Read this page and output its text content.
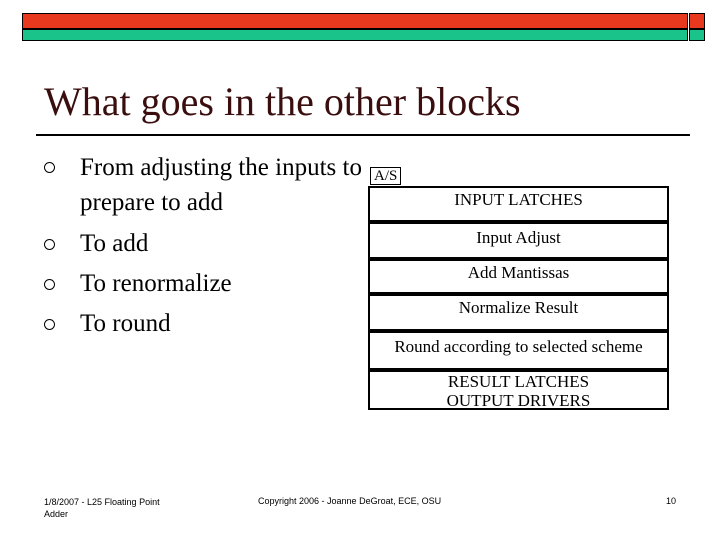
What goes in the other blocks
From adjusting the inputs to prepare to add
To add
To renormalize
To round
A/S
INPUT LATCHES
Input Adjust
Add Mantissas
Normalize Result
Round according to selected scheme
RESULT LATCHES
OUTPUT DRIVERS
1/8/2007 - L25 Floating Point Adder
Copyright 2006 - Joanne DeGroat, ECE, OSU	10
